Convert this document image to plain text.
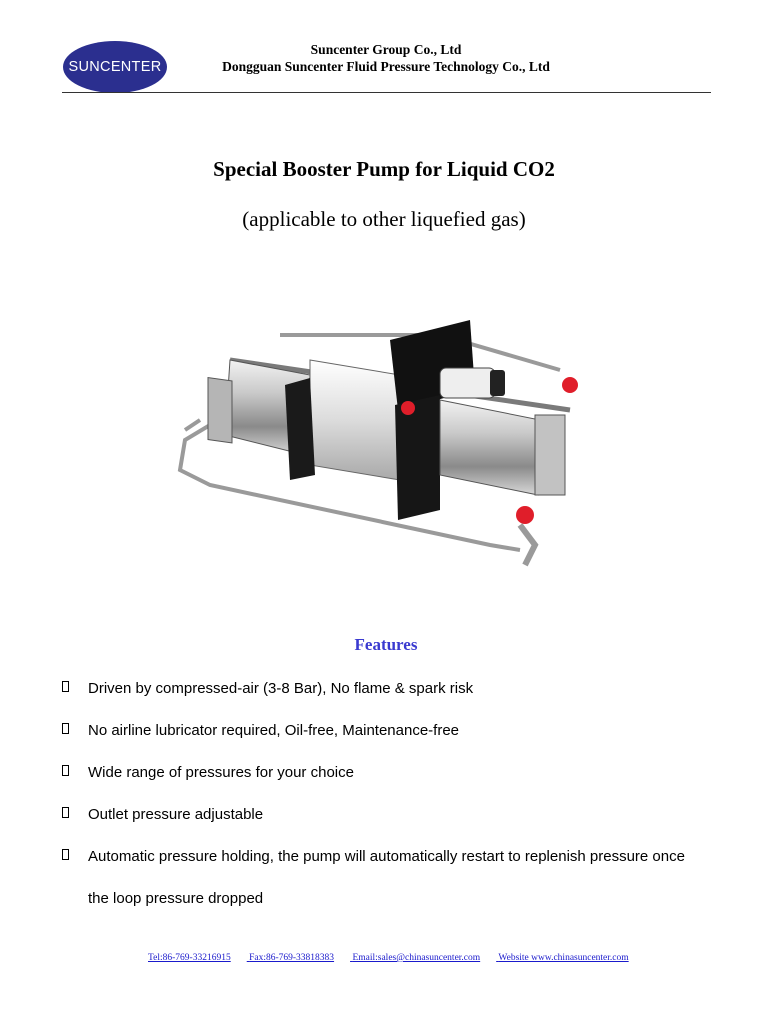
SUNCENTER
Suncenter Group Co., Ltd
Dongguan Suncenter Fluid Pressure Technology Co., Ltd
Special Booster Pump for Liquid CO2
(applicable to other liquefied gas)
Features
Driven by compressed-air (3-8 Bar), No flame & spark risk
No airline lubricator required, Oil-free, Maintenance-free
Wide range of pressures for your choice
Outlet pressure adjustable
Automatic pressure holding, the pump will automatically restart to replenish pressure once
the loop pressure dropped
Tel:86-769-33216915 Fax:86-769-33818383 Email:sales@chinasuncenter.com Website www.chinasuncenter.com
